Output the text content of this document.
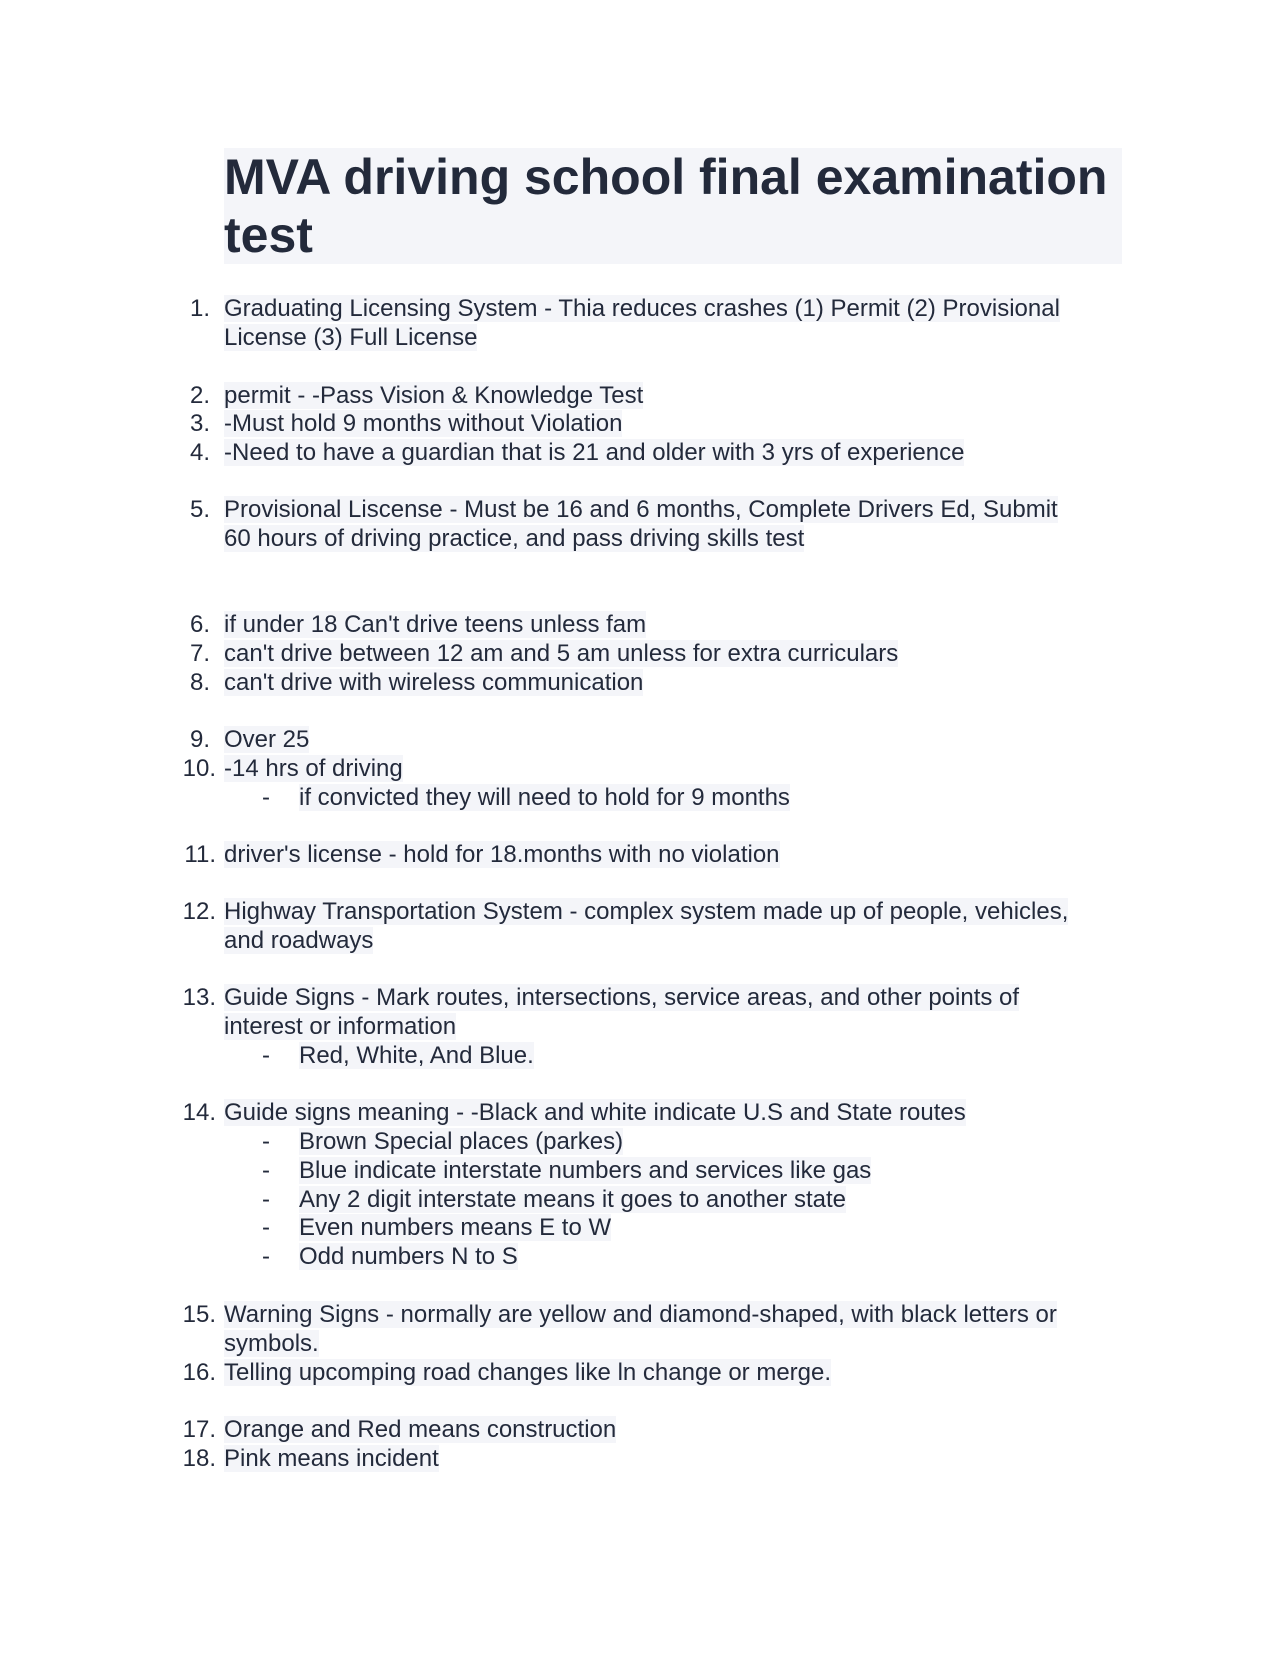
MVA driving school final examination
test
1. Graduating Licensing System - Thia reduces crashes (1) Permit (2) Provisional
License (3) Full License
2. permit - -Pass Vision & Knowledge Test
3. -Must hold 9 months without Violation
4. -Need to have a guardian that is 21 and older with 3 yrs of experience
5. Provisional Liscense - Must be 16 and 6 months, Complete Drivers Ed, Submit
60 hours of driving practice, and pass driving skills test
6. if under 18 Can't drive teens unless fam
7. can't drive between 12 am and 5 am unless for extra curriculars
8. can't drive with wireless communication
9. Over 25
10. -14 hrs of driving
- if convicted they will need to hold for 9 months
11. driver's license - hold for 18.months with no violation
12. Highway Transportation System - complex system made up of people, vehicles,
and roadways
13. Guide Signs - Mark routes, intersections, service areas, and other points of
interest or information
- Red, White, And Blue.
14. Guide signs meaning - -Black and white indicate U.S and State routes
- Brown Special places (parkes)
- Blue indicate interstate numbers and services like gas
- Any 2 digit interstate means it goes to another state
- Even numbers means E to W
- Odd numbers N to S
15. Warning Signs - normally are yellow and diamond-shaped, with black letters or
symbols.
16. Telling upcomping road changes like ln change or merge.
17. Orange and Red means construction
18. Pink means incident
